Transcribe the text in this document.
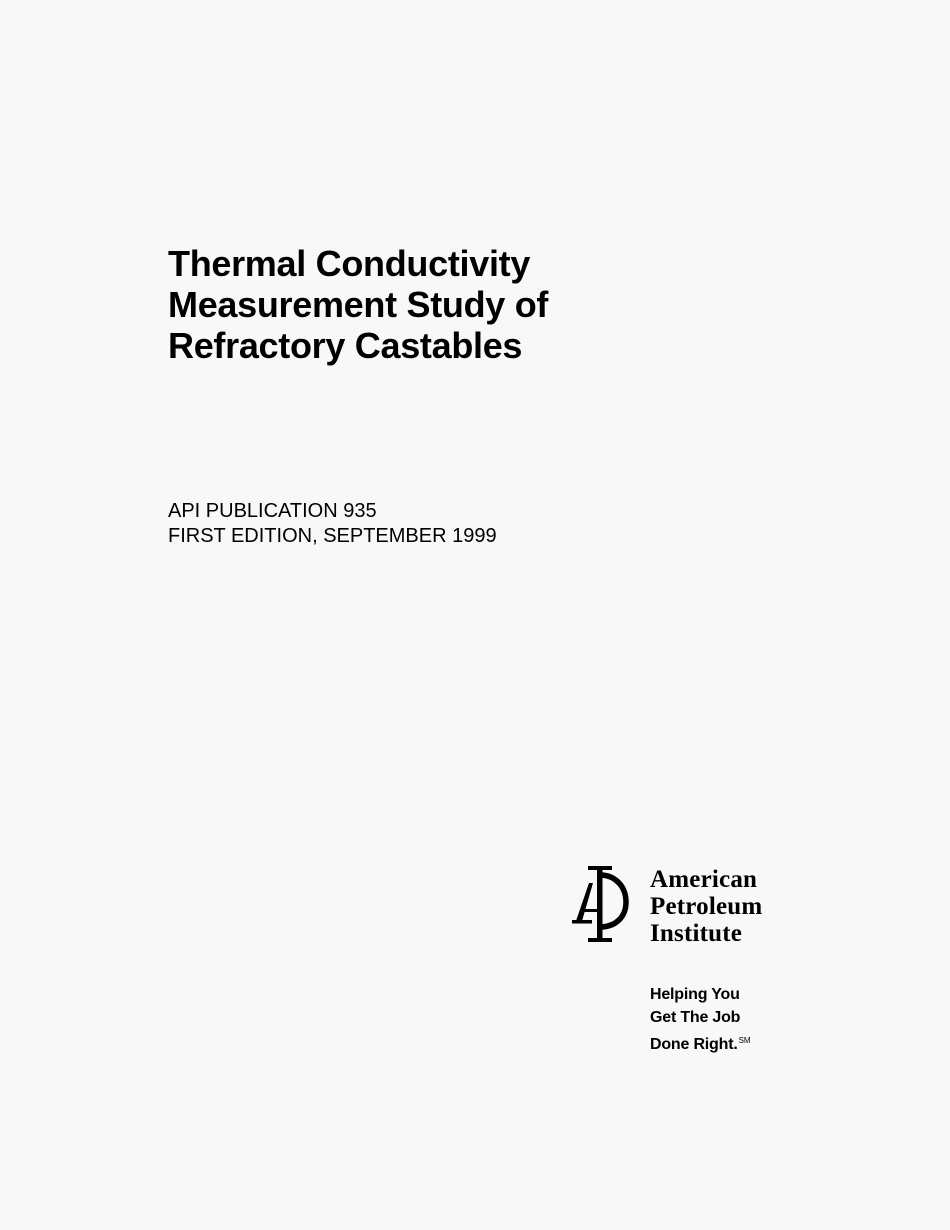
Thermal Conductivity
Measurement Study of
Refractory Castables
API PUBLICATION 935
FIRST EDITION, SEPTEMBER 1999
American
Petroleum
Institute
Helping You
Get The Job
Done Right.℠
